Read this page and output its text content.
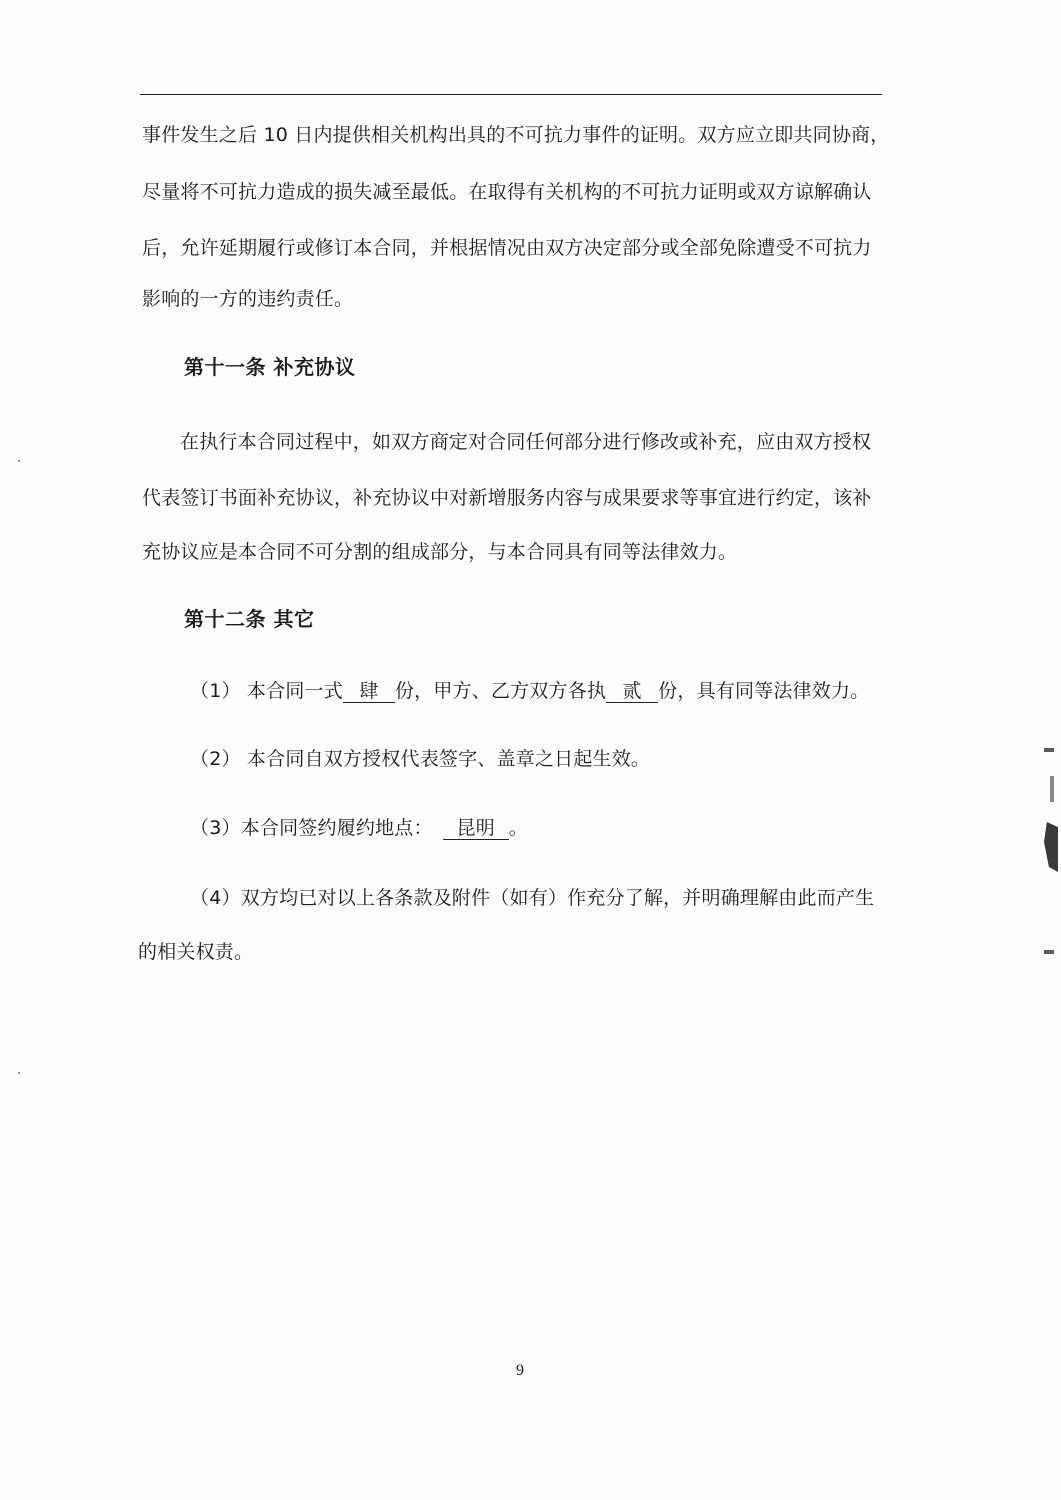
事件发生之后 10 日内提供相关机构出具的不可抗力事件的证明。双方应立即共同协商，
尽量将不可抗力造成的损失减至最低。在取得有关机构的不可抗力证明或双方谅解确认
后，允许延期履行或修订本合同，并根据情况由双方决定部分或全部免除遭受不可抗力
影响的一方的违约责任。
第十一条 补充协议
在执行本合同过程中，如双方商定对合同任何部分进行修改或补充，应由双方授权
代表签订书面补充协议，补充协议中对新增服务内容与成果要求等事宜进行约定，该补
充协议应是本合同不可分割的组成部分，与本合同具有同等法律效力。
第十二条 其它
（1） 本合同一式 肆 份，甲方、乙方双方各执 贰 份，具有同等法律效力。
（2） 本合同自双方授权代表签字、盖章之日起生效。
（3）本合同签约履约地点： 昆明 。
（4）双方均已对以上各条款及附件（如有）作充分了解，并明确理解由此而产生
的相关权责。
9
